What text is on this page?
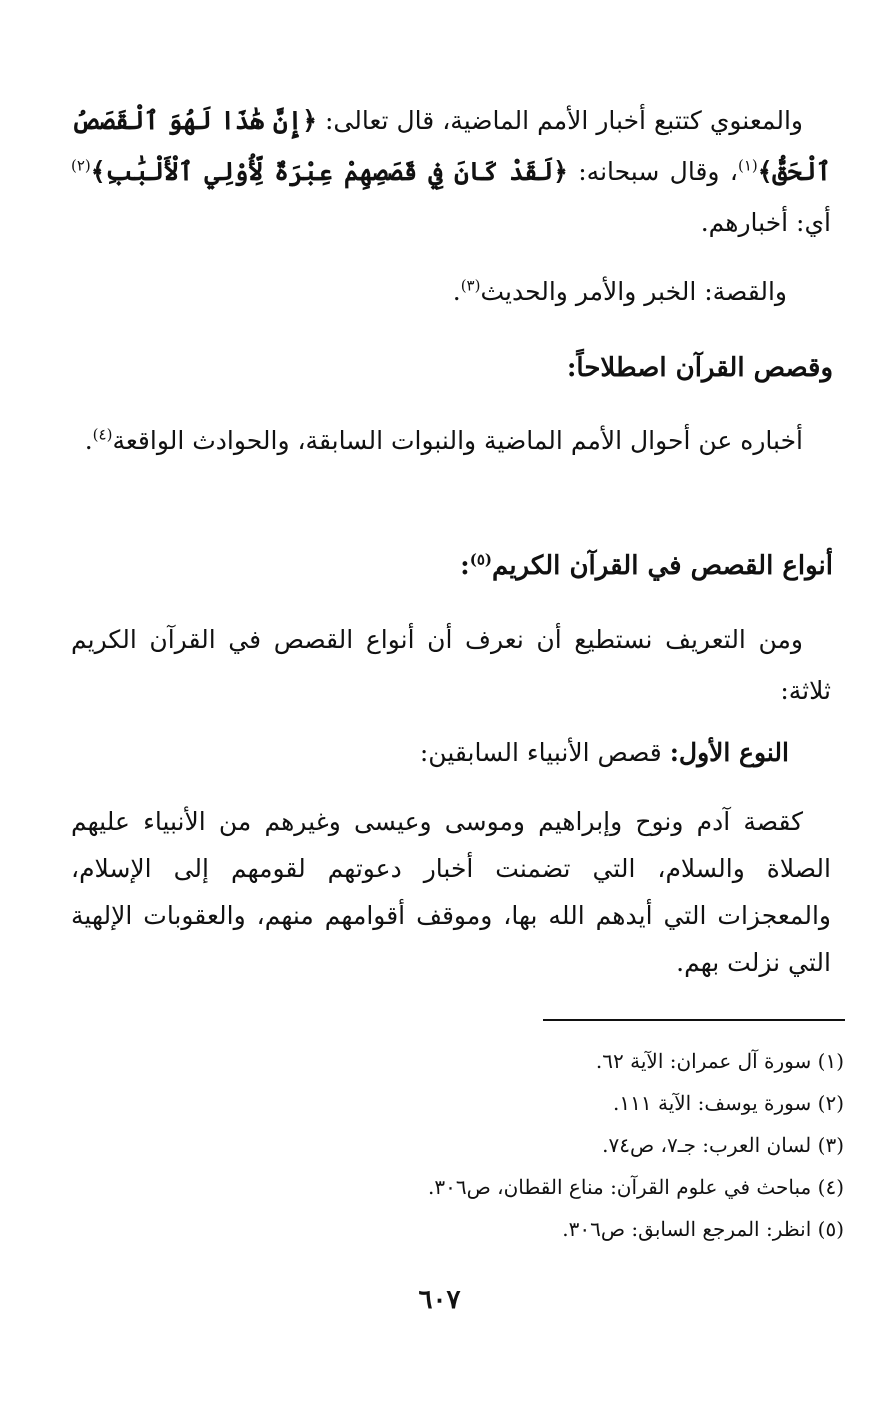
والمعنوي كتتبع أخبار الأمم الماضية، قال تعالى: ﴿إِنَّ هَٰذَا لَهُوَ ٱلْقَصَصُ ٱلْحَقُّ﴾$^{(١)}$، وقال سبحانه: ﴿لَقَدْ كَانَ فِي قَصَصِهِمْ عِبْرَةٌ لِّأُوْلِي ٱلْأَلْبَٰبِ﴾$^{(٢)}$ أي: أخبارهم.
والقصة: الخبر والأمر والحديث$^{(٣)}$.
وقصص القرآن اصطلاحاً:
أخباره عن أحوال الأمم الماضية والنبوات السابقة، والحوادث الواقعة$^{(٤)}$.
أنواع القصص في القرآن الكريم$^{(٥)}$:
ومن التعريف نستطيع أن نعرف أن أنواع القصص في القرآن الكريم ثلاثة:
النوع الأول: قصص الأنبياء السابقين:
كقصة آدم ونوح وإبراهيم وموسى وعيسى وغيرهم من الأنبياء عليهم الصلاة والسلام، التي تضمنت أخبار دعوتهم لقومهم إلى الإسلام، والمعجزات التي أيدهم الله بها، وموقف أقوامهم منهم، والعقوبات الإلهية التي نزلت بهم.
(١) سورة آل عمران: الآية ٦٢.
(٢) سورة يوسف: الآية ١١١.
(٣) لسان العرب: جـ٧، ص٧٤.
(٤) مباحث في علوم القرآن: مناع القطان، ص٣٠٦.
(٥) انظر: المرجع السابق: ص٣٠٦.
٦٠٧
